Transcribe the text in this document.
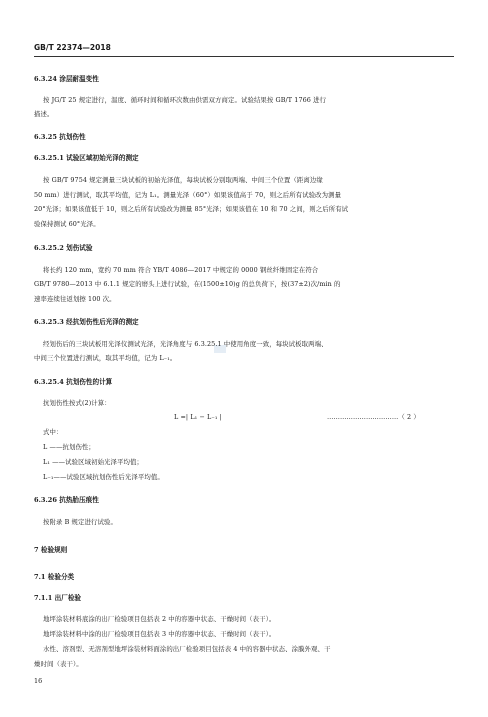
GB/T 22374—2018
6.3.24 涂层耐温变性
按 JG/T 25 规定进行，温度、循环时间和循环次数由供需双方商定。试验结果按 GB/T 1766 进行
描述。
6.3.25 抗划伤性
6.3.25.1 试验区域初始光泽的测定
按 GB/T 9754 规定测量三块试板的初始光泽值，每块试板分别取两端、中间三个位置（距离边缘
50 mm）进行测试，取其平均值，记为 L₁。测量光泽（60°）如果该值高于 70，则之后所有试验改为测量
20°光泽；如果该值低于 10，则之后所有试验改为测量 85°光泽；如果该值在 10 和 70 之间，则之后所有试
验保持测试 60°光泽。
6.3.25.2 划伤试验
将长约 120 mm，宽约 70 mm 符合 YB/T 4086—2017 中规定的 0000 钢丝纤维固定在符合
GB/T 9780—2013 中 6.1.1 规定的磨头上进行试验，在(1500±10)g 的总负荷下，按(37±2)次/min 的
速率连续往返划擦 100 次。
6.3.25.3 经抗划伤性后光泽的测定
经划伤后的三块试板用光泽仪测试光泽，光泽角度与 6.3.25.1 中使用角度一致，每块试板取两端、
中间三个位置进行测试，取其平均值，记为 L₋₁。
6.3.25.4 抗划伤性的计算
抗划伤性按式(2)计算：
L =| L₁ − L₋₁ |	……………………………（ 2 ）
式中：
L ——抗划伤性；
L₁ ——试验区域初始光泽平均值；
L₋₁——试验区域抗划伤性后光泽平均值。
6.3.26 抗热胎压痕性
按附录 B 规定进行试验。
7 检验规则
7.1 检验分类
7.1.1 出厂检验
地坪涂装材料底涂的出厂检验项目包括表 2 中的容器中状态、干燥时间（表干）。
地坪涂装材料中涂的出厂检验项目包括表 3 中的容器中状态、干燥时间（表干）。
水性、溶剂型、无溶剂型地坪涂装材料面涂的出厂检验项目包括表 4 中的容器中状态、涂膜外观、干
燥时间（表干）。
16
